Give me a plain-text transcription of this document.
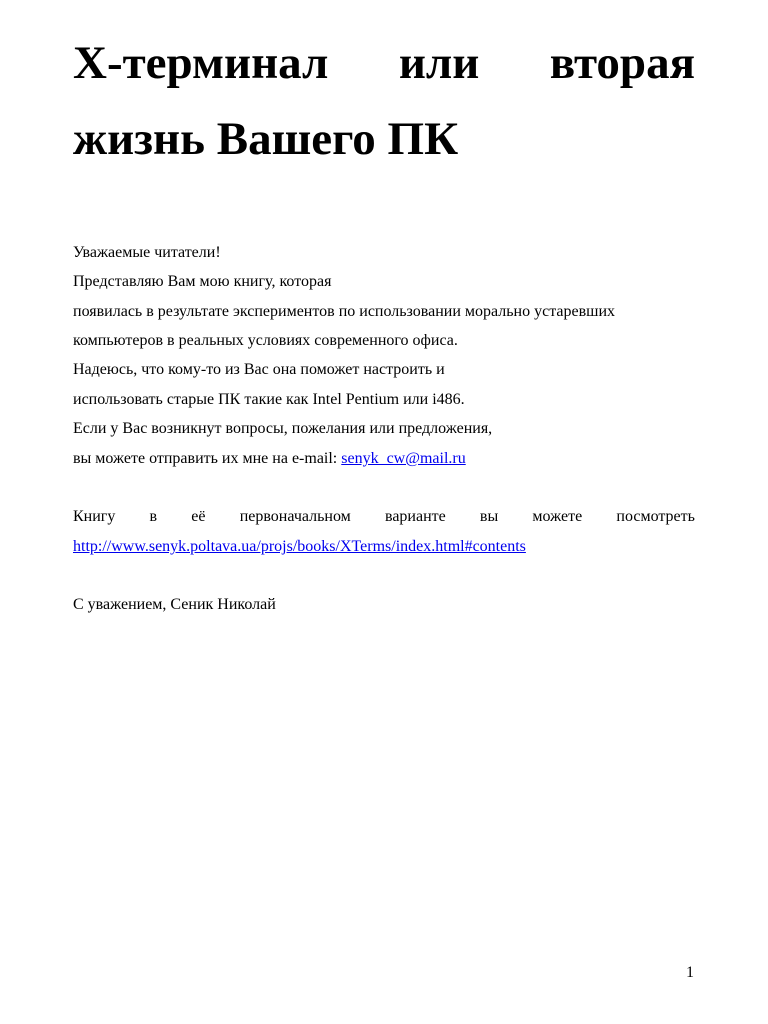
X-терминал или вторая
жизнь Вашего ПК
Уважаемые читатели!
Представляю Вам мою книгу, которая
появилась в результате экспериментов по использовании морально устаревших
компьютеров в реальных условиях современного офиса.
Надеюсь, что кому-то из Вас она поможет настроить и
использовать старые ПК такие как Intel Pentium или i486.
Если у Вас возникнут вопросы, пожелания или предложения,
вы можете отправить их мне на e-mail: senyk_cw@mail.ru
Книгу в её первоначальном варианте вы можете посмотреть
http://www.senyk.poltava.ua/projs/books/XTerms/index.html#contents
С уважением, Сеник Николай
1
